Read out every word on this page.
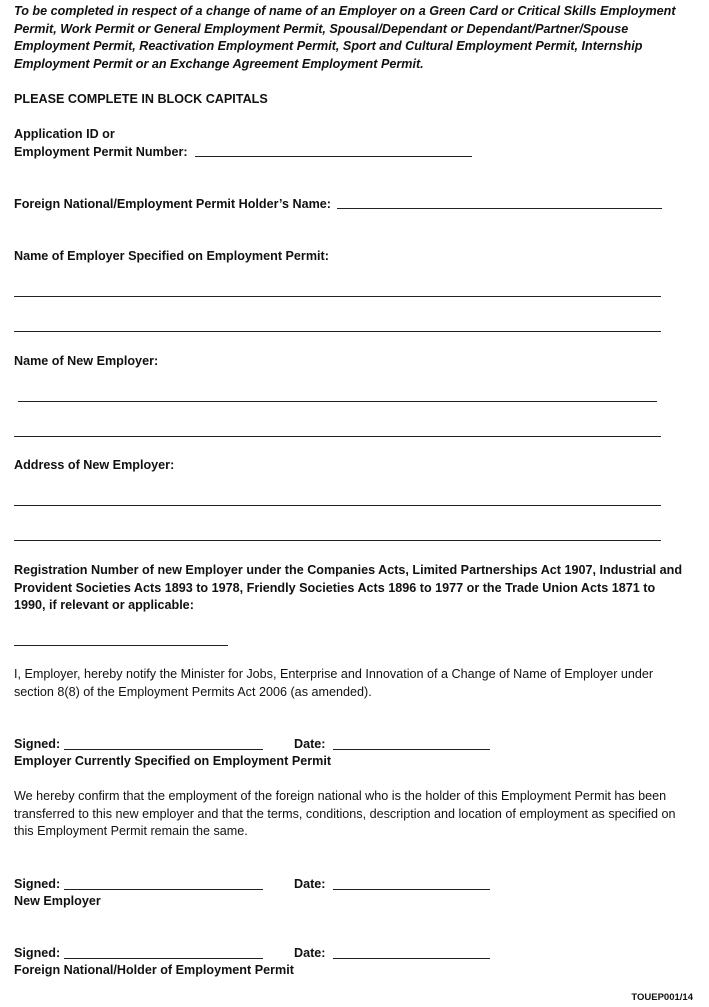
To be completed in respect of a change of name of an Employer on a Green Card or Critical Skills Employment Permit, Work Permit or General Employment Permit, Spousal/Dependant or Dependant/Partner/Spouse Employment Permit, Reactivation Employment Permit, Sport and Cultural Employment Permit, Internship Employment Permit or an Exchange Agreement Employment Permit.
PLEASE COMPLETE IN BLOCK CAPITALS
Application ID or
Employment Permit Number:
Foreign National/Employment Permit Holder’s Name:
Name of Employer Specified on Employment Permit:
Name of New Employer:
Address of New Employer:
Registration Number of new Employer under the Companies Acts, Limited Partnerships Act 1907, Industrial and Provident Societies Acts 1893 to 1978, Friendly Societies Acts 1896 to 1977 or the Trade Union Acts 1871 to 1990, if relevant or applicable:
I, Employer, hereby notify the Minister for Jobs, Enterprise and Innovation of a Change of Name of Employer under section 8(8) of the Employment Permits Act 2006 (as amended).
Signed:	Date:
Employer Currently Specified on Employment Permit
We hereby confirm that the employment of the foreign national who is the holder of this Employment Permit has been transferred to this new employer and that the terms, conditions, description and location of employment as specified on this Employment Permit remain the same.
Signed:	Date:
New Employer
Signed:	Date:
Foreign National/Holder of Employment Permit
TOUEP001/14
